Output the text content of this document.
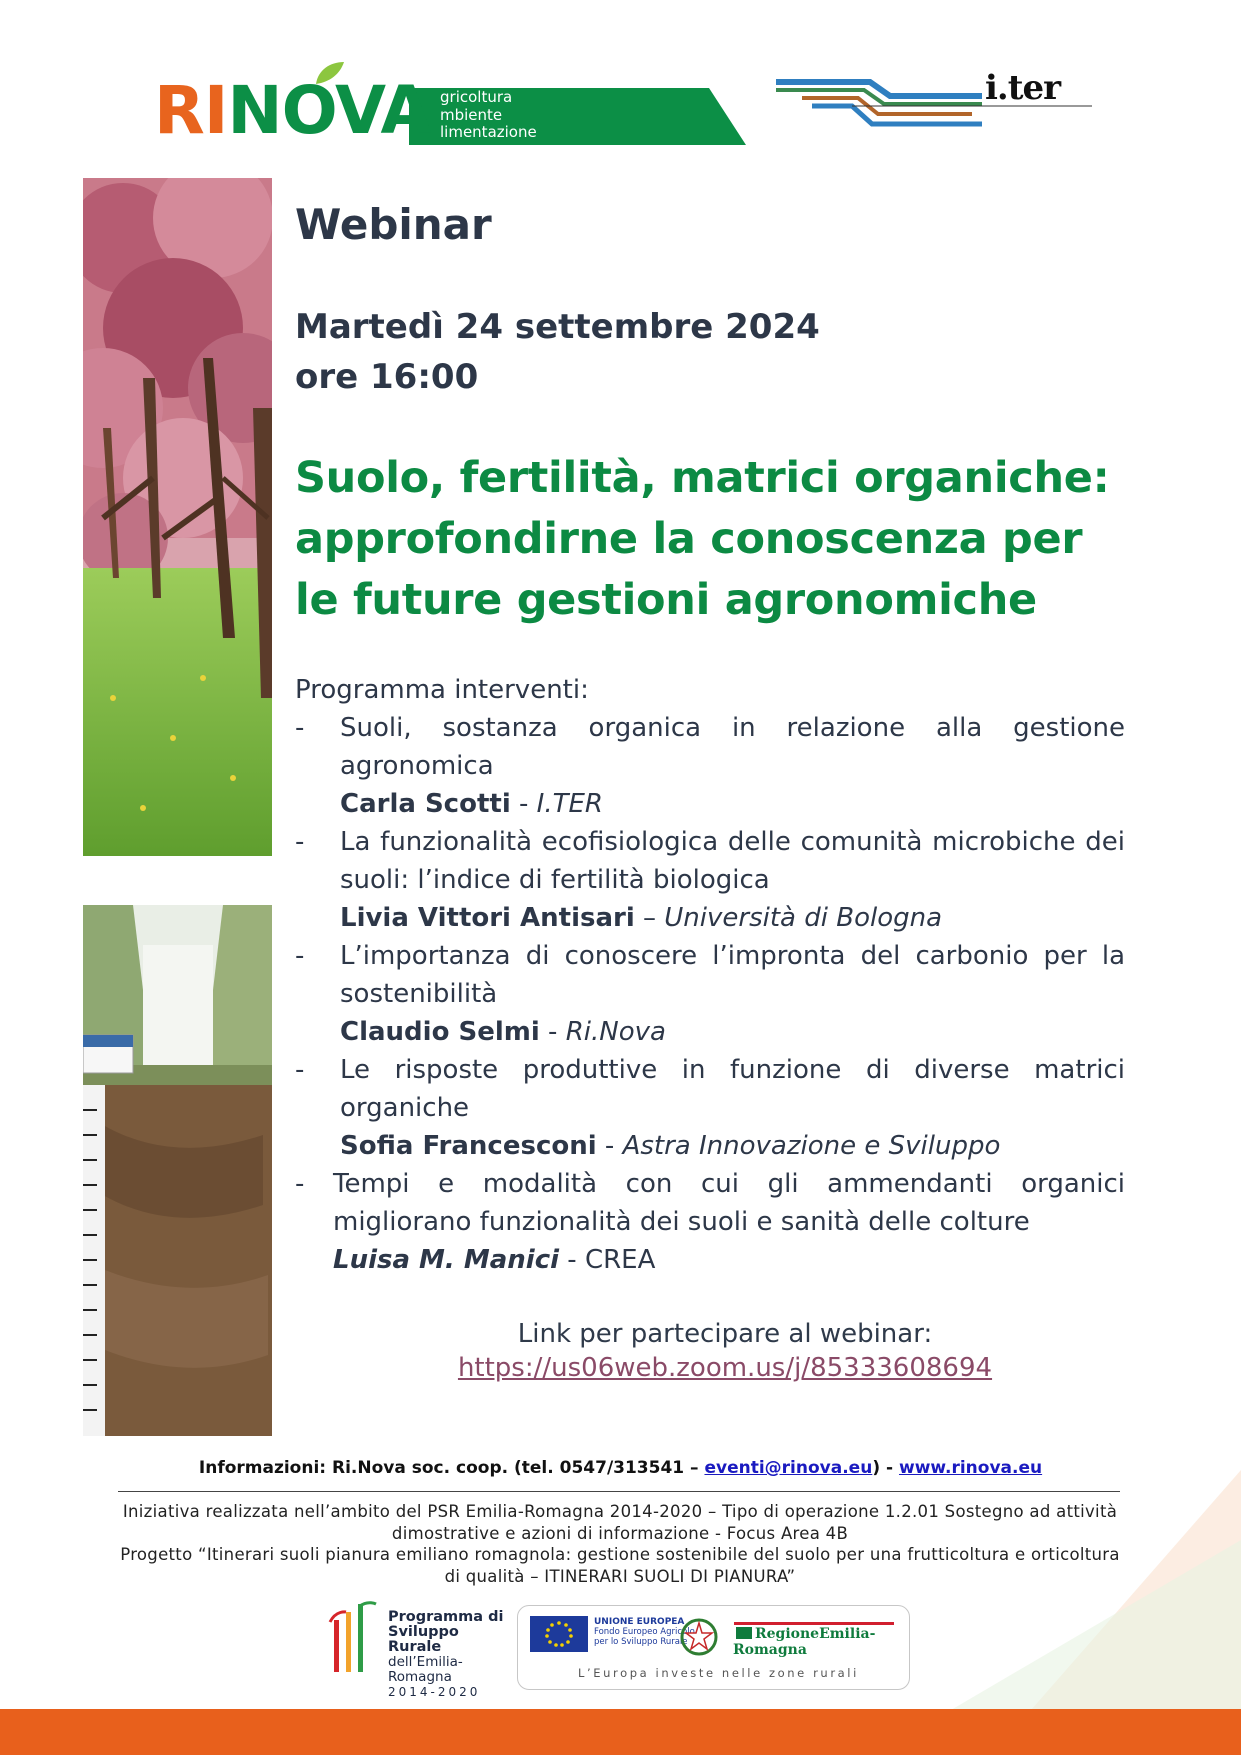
RINOVA gricoltura
mbiente
limentazione
i.ter
Webinar
Martedì 24 settembre 2024
ore 16:00
Suolo, fertilità, matrici organiche: approfondirne la conoscenza per le future gestioni agronomiche
Programma interventi:
- Suoli, sostanza organica in relazione alla gestione agronomica
Carla Scotti - I.TER
- La funzionalità ecofisiologica delle comunità microbiche dei suoli: l’indice di fertilità biologica
Livia Vittori Antisari – Università di Bologna
- L’importanza di conoscere l’impronta del carbonio per la sostenibilità
Claudio Selmi - Ri.Nova
- Le risposte produttive in funzione di diverse matrici organiche
Sofia Francesconi - Astra Innovazione e Sviluppo
- Tempi e modalità con cui gli ammendanti organici migliorano funzionalità dei suoli e sanità delle colture
Luisa M. Manici - CREA
Link per partecipare al webinar:
https://us06web.zoom.us/j/85333608694
Informazioni: Ri.Nova soc. coop. (tel. 0547/313541 – eventi@rinova.eu) - www.rinova.eu
Iniziativa realizzata nell’ambito del PSR Emilia-Romagna 2014-2020 – Tipo di operazione 1.2.01 Sostegno ad attività dimostrative e azioni di informazione - Focus Area 4B
Progetto “Itinerari suoli pianura emiliano romagnola: gestione sostenibile del suolo per una frutticoltura e orticoltura di qualità – ITINERARI SUOLI DI PIANURA”
Programma di
Sviluppo Rurale
dell’Emilia-Romagna
2014-2020
UNIONE EUROPEA
Fondo Europeo Agricolo
per lo Sviluppo Rurale	RegioneEmilia-Romagna
L’Europa investe nelle zone rurali
